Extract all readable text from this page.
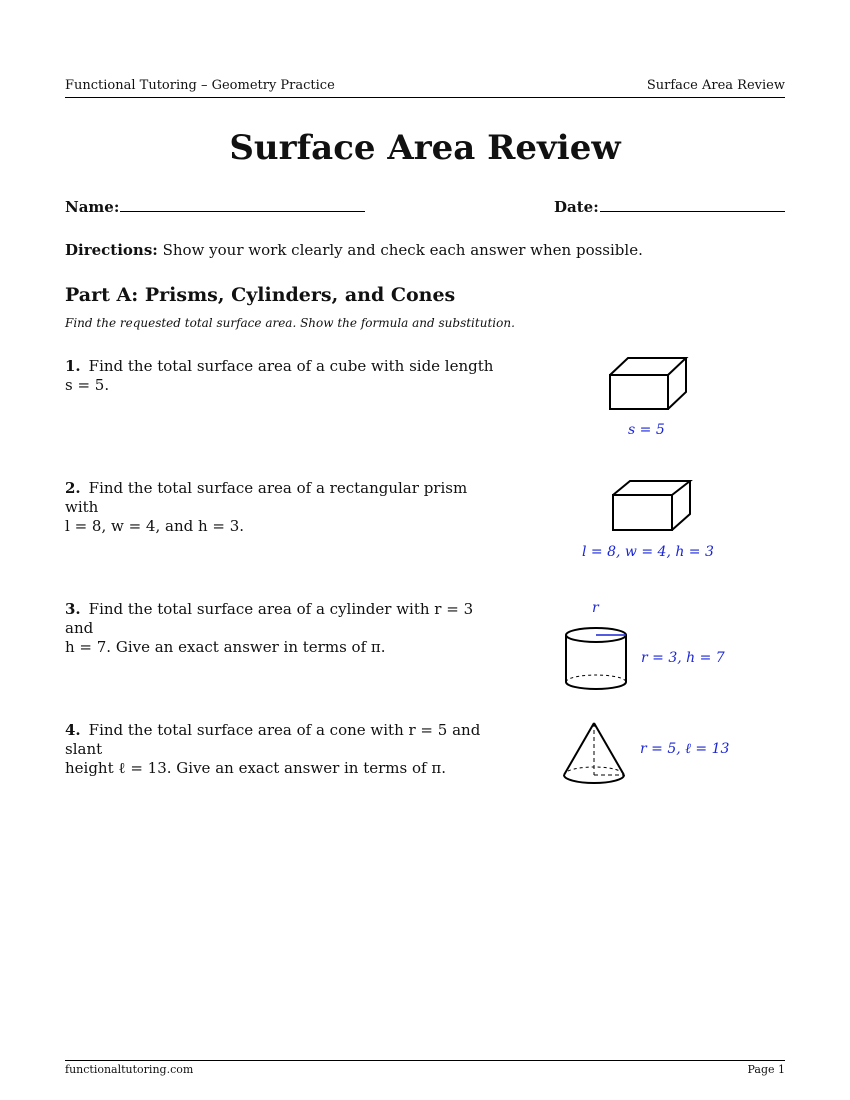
Functional Tutoring – Geometry Practice	Surface Area Review
Surface Area Review
Name:	Date:
Directions: Show your work clearly and check each answer when possible.
Part A: Prisms, Cylinders, and Cones
Find the requested total surface area. Show the formula and substitution.
1. Find the total surface area of a cube with side length
s = 5.
s = 5
2. Find the total surface area of a rectangular prism with
l = 8, w = 4, and h = 3.
l = 8, w = 4, h = 3
3. Find the total surface area of a cylinder with r = 3 and
h = 7. Give an exact answer in terms of π.
r
r = 3, h = 7
4. Find the total surface area of a cone with r = 5 and slant
height ℓ = 13. Give an exact answer in terms of π.
r = 5, ℓ = 13
functionaltutoring.com	Page 1
